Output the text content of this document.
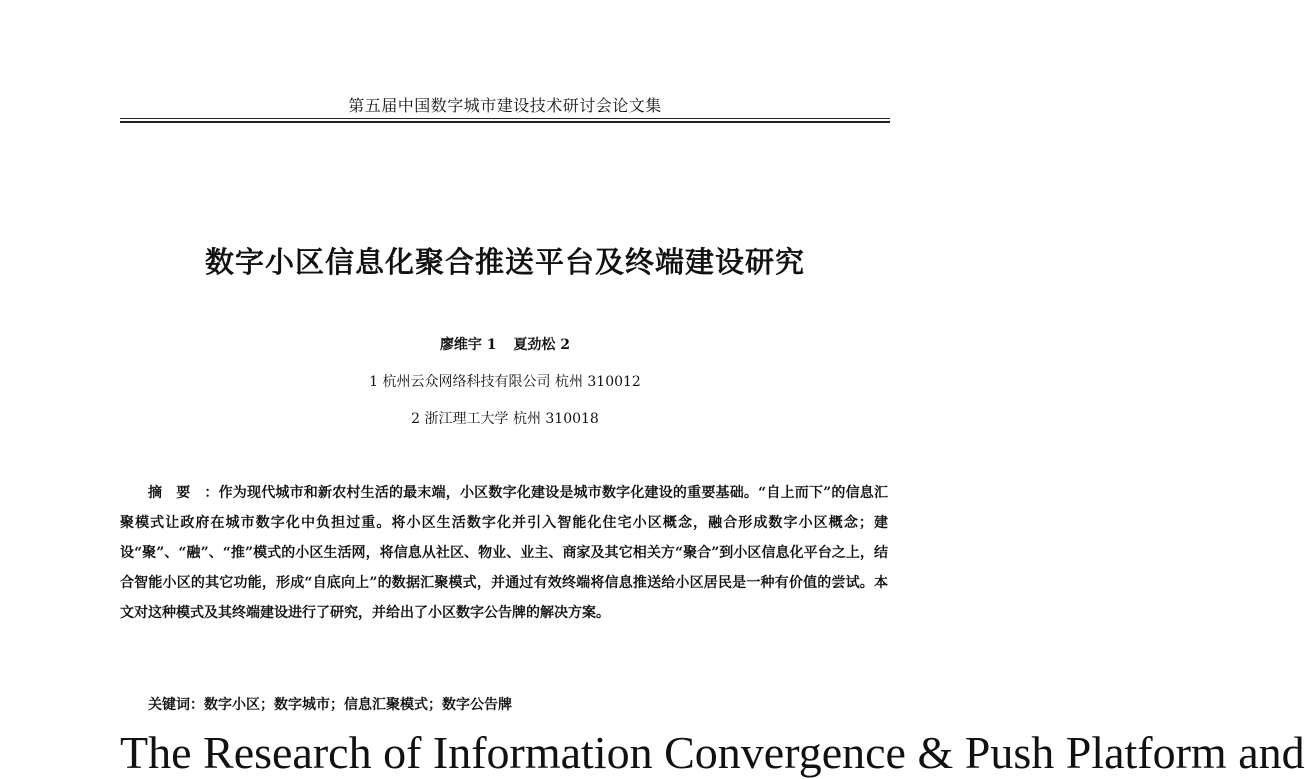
第五届中国数字城市建设技术研讨会论文集
数字小区信息化聚合推送平台及终端建设研究
廖维宇 1 夏劲松 2
1 杭州云众网络科技有限公司 杭州 310012
2 浙江理工大学 杭州 310018
摘要：作为现代城市和新农村生活的最末端，小区数字化建设是城市数字化建设的重要基础。“自上而下”的信息汇聚模式让政府在城市数字化中负担过重。将小区生活数字化并引入智能化住宅小区概念，融合形成数字小区概念；建设“聚”、“融”、“推”模式的小区生活网，将信息从社区、物业、业主、商家及其它相关方“聚合”到小区信息化平台之上，结合智能小区的其它功能，形成“自底向上”的数据汇聚模式，并通过有效终端将信息推送给小区居民是一种有价值的尝试。本文对这种模式及其终端建设进行了研究，并给出了小区数字公告牌的解决方案。
关键词：数字小区；数字城市；信息汇聚模式；数字公告牌
The Research of Information Convergence & Push Platform and
